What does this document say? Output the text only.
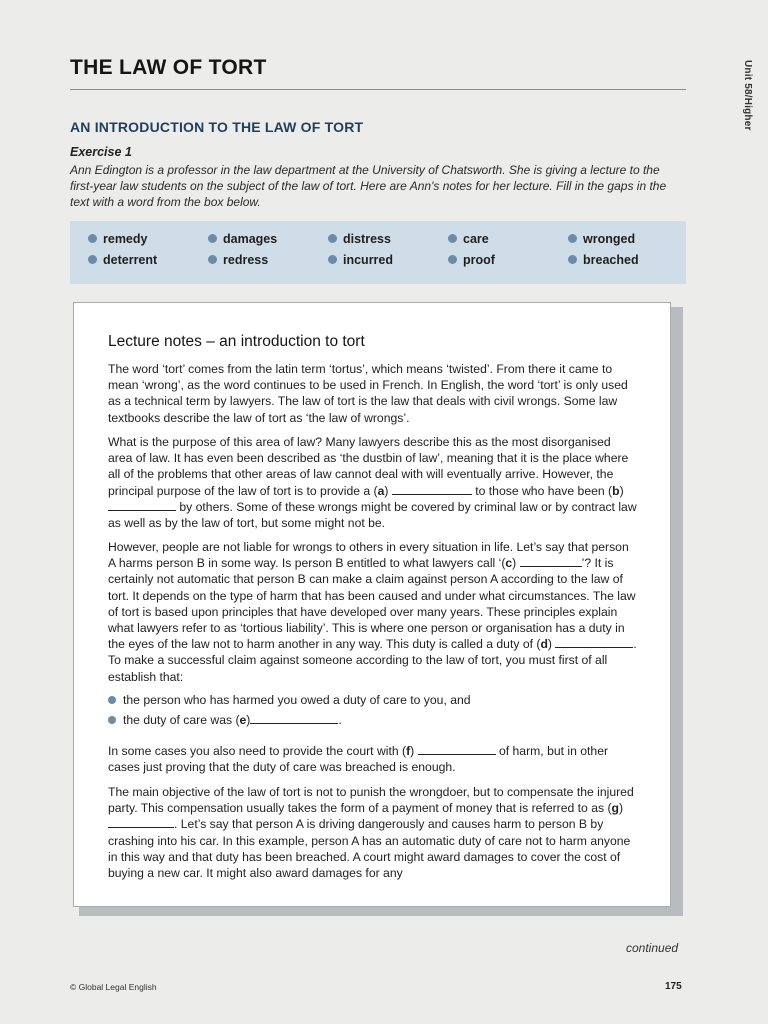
THE LAW OF TORT	Unit 58/Higher
AN INTRODUCTION TO THE LAW OF TORT
Exercise 1
Ann Edington is a professor in the law department at the University of Chatsworth. She is giving a lecture to the first-year law students on the subject of the law of tort. Here are Ann's notes for her lecture. Fill in the gaps in the text with a word from the box below.
remedy	damages	distress	care	wronged
deterrent	redress	incurred	proof	breached
Lecture notes – an introduction to tort
The word ‘tort’ comes from the latin term ‘tortus’, which means ‘twisted’. From there it came to mean ‘wrong’, as the word continues to be used in French. In English, the word ‘tort’ is only used as a technical term by lawyers. The law of tort is the law that deals with civil wrongs. Some law textbooks describe the law of tort as ‘the law of wrongs’.
What is the purpose of this area of law? Many lawyers describe this as the most disorganised area of law. It has even been described as ‘the dustbin of law’, meaning that it is the place where all of the problems that other areas of law cannot deal with will eventually arrive. However, the principal purpose of the law of tort is to provide a (a)	to those who have been (b)  by others. Some of these wrongs might be covered by criminal law or by contract law as well as by the law of tort, but some might not be.
However, people are not liable for wrongs to others in every situation in life. Let’s say that person A harms person B in some way. Is person B entitled to what lawyers call ‘(c)	’? It is certainly not automatic that person B can make a claim against person A according to the law of tort. It depends on the type of harm that has been caused and under what circumstances. The law of tort is based upon principles that have developed over many years. These principles explain what lawyers refer to as ‘tortious liability’. This is where one person or organisation has a duty in the eyes of the law not to harm another in any way. This duty is called a duty of (d)	. To make a successful claim against someone according to the law of tort, you must first of all establish that:
the person who has harmed you owed a duty of care to you, and
the duty of care was (e)	.
In some cases you also need to provide the court with (f)	of harm, but in other cases just proving that the duty of care was breached is enough.
The main objective of the law of tort is not to punish the wrongdoer, but to compensate the injured party. This compensation usually takes the form of a payment of money that is referred to as (g) . Let’s say that person A is driving dangerously and causes harm to person B by crashing into his car. In this example, person A has an automatic duty of care not to harm anyone in this way and that duty has been breached. A court might award damages to cover the cost of buying a new car. It might also award damages for any
continued
© Global Legal English	175
